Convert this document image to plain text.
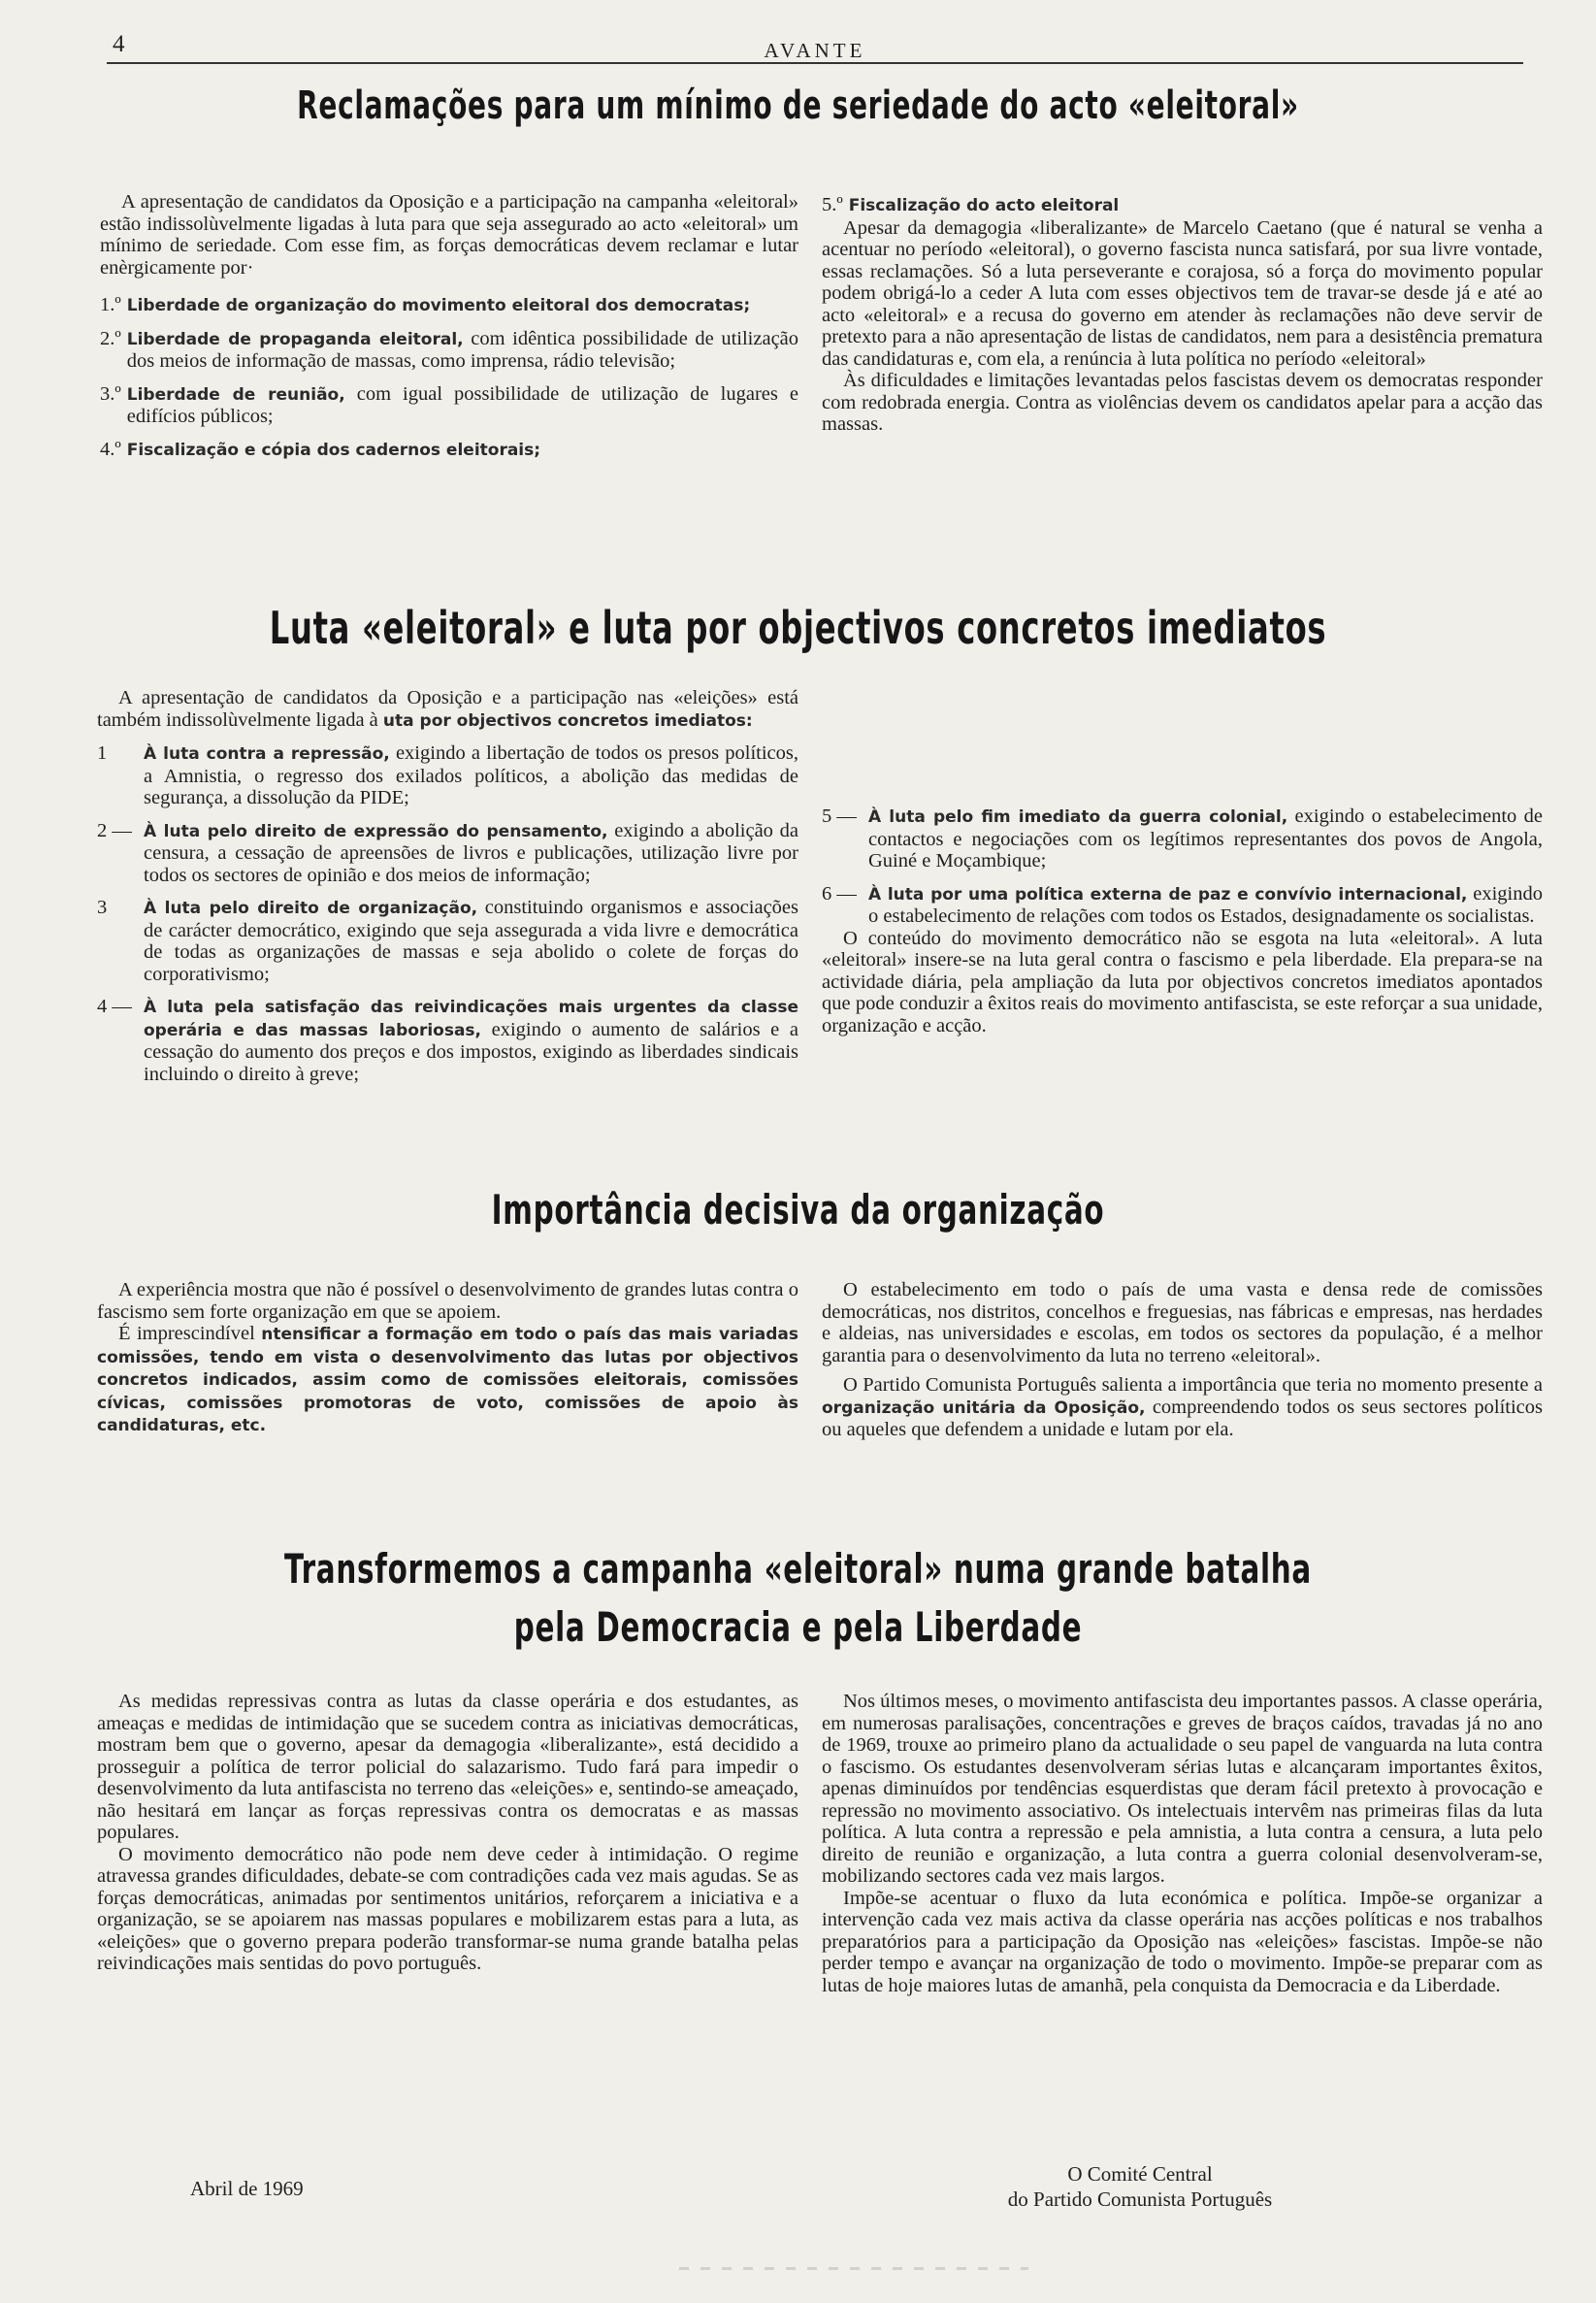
4	AVANTE
Reclamações para um mínimo de seriedade do acto «eleitoral»

A apresentação de candidatos da Oposição e a participação na campanha «eleitoral» estão indissolùvelmente ligadas à luta para que seja assegurado ao acto «eleitoral» um mínimo de seriedade. Com esse fim, as forças democráticas devem reclamar e lutar enèrgicamente por·

1.º Liberdade de organização do movimento eleitoral dos democratas;
2.º Liberdade de propaganda eleitoral, com idêntica possibilidade de utilização dos meios de informação de massas, como imprensa, rádio televisão;
3.º Liberdade de reunião, com igual possibilidade de utilização de lugares e edifícios públicos;
4.º Fiscalização e cópia dos cadernos eleitorais;
5.º Fiscalização do acto eleitoral

Apesar da demagogia «liberalizante» de Marcelo Caetano (que é natural se venha a acentuar no período «eleitoral), o governo fascista nunca satisfará, por sua livre vontade, essas reclamações. Só a luta perseverante e corajosa, só a força do movimento popular podem obrigá-lo a ceder A luta com esses objectivos tem de travar-se desde já e até ao acto «eleitoral» e a recusa do governo em atender às reclamações não deve servir de pretexto para a não apresentação de listas de candidatos, nem para a desistência prematura das candidaturas e, com ela, a renúncia à luta política no período «eleitoral»

Às dificuldades e limitações levantadas pelos fascistas devem os democratas responder com redobrada energia. Contra as violências devem os candidatos apelar para a acção das massas.

Luta «eleitoral» e luta por objectivos concretos imediatos

A apresentação de candidatos da Oposição e a participação nas «eleições» está também indissolùvelmente ligada à uta por objectivos concretos imediatos:

1	À luta contra a repressão, exigindo a libertação de todos os presos políticos, a Amnistia, o regresso dos exilados políticos, a abolição das medidas de segurança, a dissolução da PIDE;
2 — À luta pelo direito de expressão do pensamento, exigindo a abolição da censura, a cessação de apreensões de livros e publicações, utilização livre por todos os sectores de opinião e dos meios de informação;
3	À luta pelo direito de organização, constituindo organismos e associações de carácter democrático, exigindo que seja assegurada a vida livre e democrática de todas as organizações de massas e seja abolido o colete de forças do corporativismo;
4 — À luta pela satisfação das reivindicações mais urgentes da classe operária e das massas laboriosas, exigindo o aumento de salários e a cessação do aumento dos preços e dos impostos, exigindo as liberdades sindicais incluindo o direito à greve;
5 — À luta pelo fim imediato da guerra colonial, exigindo o estabelecimento de contactos e negociações com os legítimos representantes dos povos de Angola, Guiné e Moçambique;
6 — À luta por uma política externa de paz e convívio internacional, exigindo o estabelecimento de relações com todos os Estados, designadamente os socialistas.

O conteúdo do movimento democrático não se esgota na luta «eleitoral». A luta «eleitoral» insere-se na luta geral contra o fascismo e pela liberdade. Ela prepara-se na actividade diária, pela ampliação da luta por objectivos concretos imediatos apontados que pode conduzir a êxitos reais do movimento antifascista, se este reforçar a sua unidade, organização e acção.

Importância decisiva da organização

A experiência mostra que não é possível o desenvolvimento de grandes lutas contra o fascismo sem forte organização em que se apoiem.

É imprescindível ntensificar a formação em todo o país das mais variadas comissões, tendo em vista o desenvolvimento das lutas por objectivos concretos indicados, assim como de comissões eleitorais, comissões cívicas, comissões promotoras de voto, comissões de apoio às candidaturas, etc.

O estabelecimento em todo o país de uma vasta e densa rede de comissões democráticas, nos distritos, concelhos e freguesias, nas fábricas e empresas, nas herdades e aldeias, nas universidades e escolas, em todos os sectores da população, é a melhor garantia para o desenvolvimento da luta no terreno «eleitoral».

O Partido Comunista Português salienta a importância que teria no momento presente a organização unitária da Oposição, compreendendo todos os seus sectores políticos ou aqueles que defendem a unidade e lutam por ela.

Transformemos a campanha «eleitoral» numa grande batalha
pela Democracia e pela Liberdade

As medidas repressivas contra as lutas da classe operária e dos estudantes, as ameaças e medidas de intimidação que se sucedem contra as iniciativas democráticas, mostram bem que o governo, apesar da demagogia «liberalizante», está decidido a prosseguir a política de terror policial do salazarismo. Tudo fará para impedir o desenvolvimento da luta antifascista no terreno das «eleições» e, sentindo-se ameaçado, não hesitará em lançar as forças repressivas contra os democratas e as massas populares.

O movimento democrático não pode nem deve ceder à intimidação. O regime atravessa grandes dificuldades, debate-se com contradições cada vez mais agudas. Se as forças democráticas, animadas por sentimentos unitários, reforçarem a iniciativa e a organização, se se apoiarem nas massas populares e mobilizarem estas para a luta, as «eleições» que o governo prepara poderão transformar-se numa grande batalha pelas reivindicações mais sentidas do povo português.

Nos últimos meses, o movimento antifascista deu importantes passos. A classe operária, em numerosas paralisações, concentrações e greves de braços caídos, travadas já no ano de 1969, trouxe ao primeiro plano da actualidade o seu papel de vanguarda na luta contra o fascismo. Os estudantes desenvolveram sérias lutas e alcançaram importantes êxitos, apenas diminuídos por tendências esquerdistas que deram fácil pretexto à provocação e repressão no movimento associativo. Os intelectuais intervêm nas primeiras filas da luta política. A luta contra a repressão e pela amnistia, a luta contra a censura, a luta pelo direito de reunião e organização, a luta contra a guerra colonial desenvolveram-se, mobilizando sectores cada vez mais largos.

Impõe-se acentuar o fluxo da luta económica e política. Impõe-se organizar a intervenção cada vez mais activa da classe operária nas acções políticas e nos trabalhos preparatórios para a participação da Oposição nas «eleições» fascistas. Impõe-se não perder tempo e avançar na organização de todo o movimento. Impõe-se preparar com as lutas de hoje maiores lutas de amanhã, pela conquista da Democracia e da Liberdade.

Abril de 1969
O Comité Central
do Partido Comunista Português
